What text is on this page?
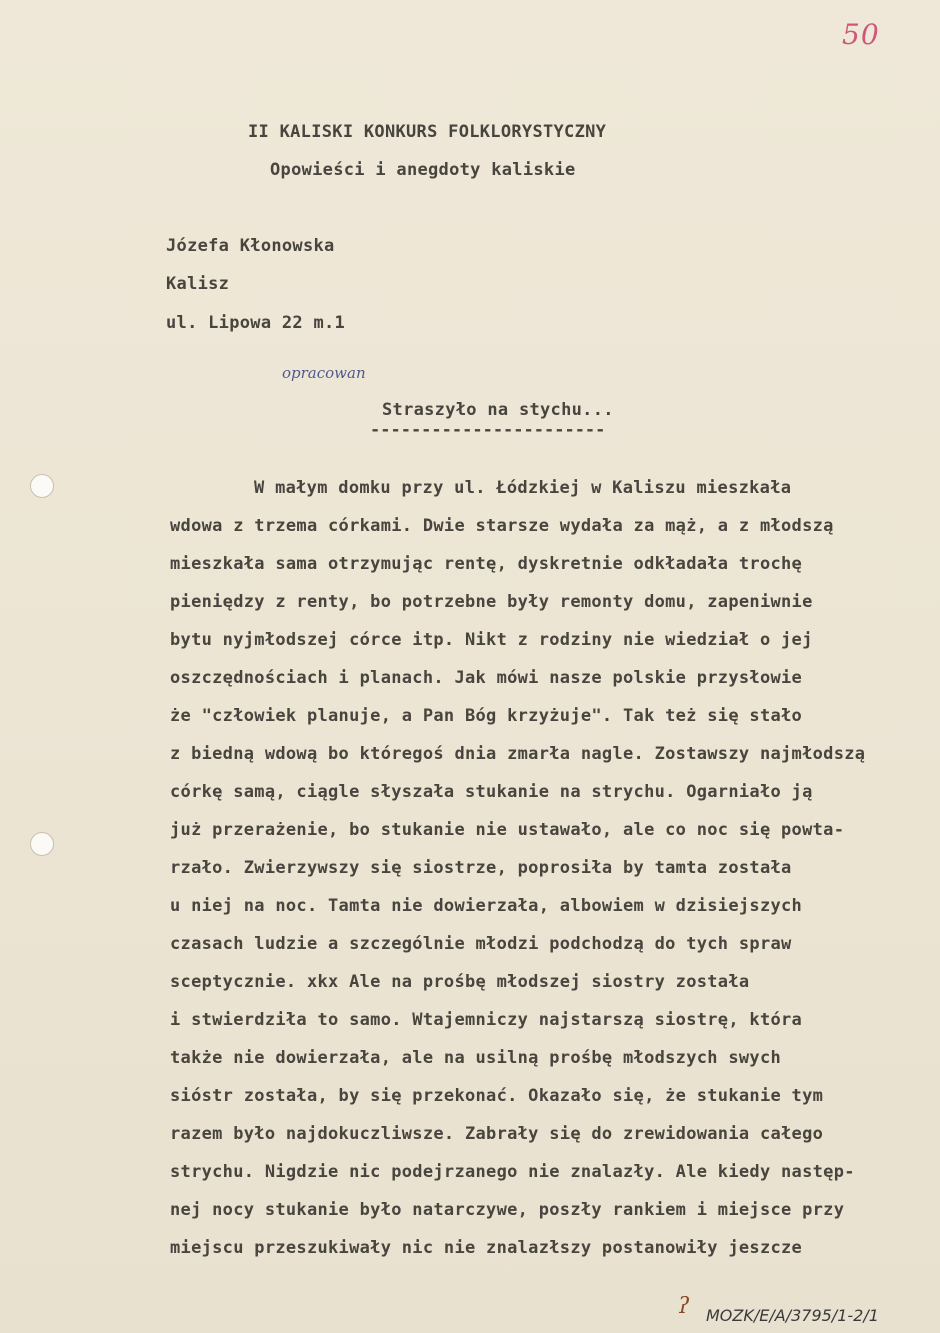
50
II KALISKI KONKURS FOLKLORYSTYCZNY
Opowieści i anegdoty kaliskie
Józefa Kłonowska
Kalisz
ul. Lipowa 22 m.1
opracowan
Straszyło na stychu...
-----------------------
W małym domku przy ul. Łódzkiej w Kaliszu mieszkała
wdowa z trzema córkami. Dwie starsze wydała za mąż, a z młodszą
mieszkała sama otrzymując rentę, dyskretnie odkładała trochę
pieniędzy z renty, bo potrzebne były remonty domu, zapeniwnie
bytu nyjmłodszej córce itp. Nikt z rodziny nie wiedział o jej
oszczędnościach i planach. Jak mówi nasze polskie przysłowie
że "człowiek planuje, a Pan Bóg krzyżuje". Tak też się stało
z biedną wdową bo któregoś dnia zmarła nagle. Zostawszy najmłodszą
córkę samą, ciągle słyszała stukanie na strychu. Ogarniało ją
już przerażenie, bo stukanie nie ustawało, ale co noc się powta-
rzało. Zwierzywszy się siostrze, poprosiła by tamta została
u niej na noc. Tamta nie dowierzała, albowiem w dzisiejszych
czasach ludzie a szczególnie młodzi podchodzą do tych spraw
sceptycznie. xkx Ale na prośbę młodszej siostry została
i stwierdziła to samo. Wtajemniczy najstarszą siostrę, która
także nie dowierzała, ale na usilną prośbę młodszych swych
sióstr została, by się przekonać. Okazało się, że stukanie tym
razem było najdokuczliwsze. Zabrały się do zrewidowania całego
strychu. Nigdzie nic podejrzanego nie znalazły. Ale kiedy następ-
nej nocy stukanie było natarczywe, poszły rankiem i miejsce przy
miejscu przeszukiwały nic nie znalazłszy postanowiły jeszcze
ʔ MOZK/E/A/3795/1-2/1
